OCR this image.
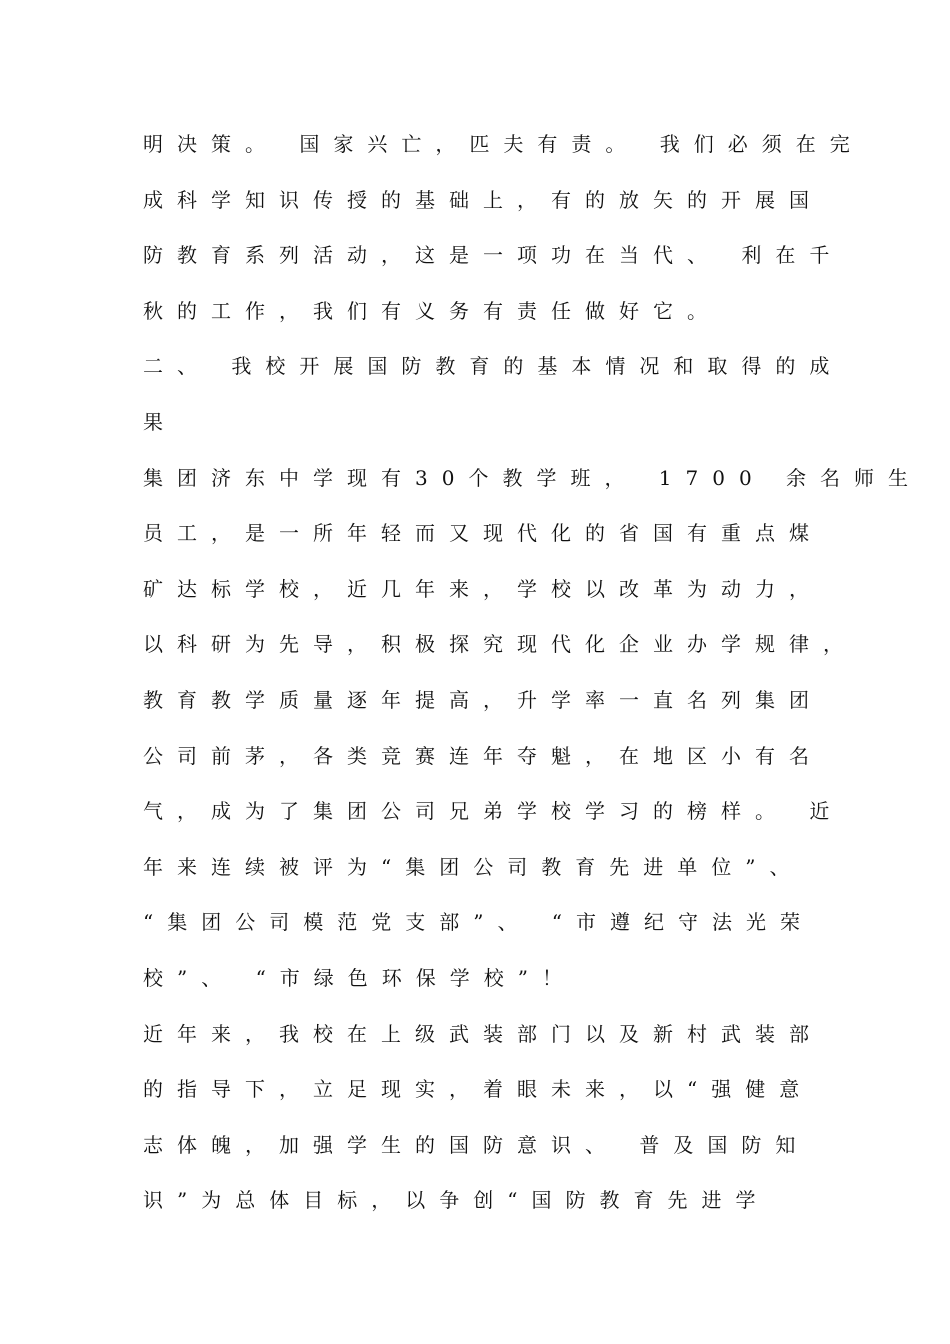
明决策。 国家兴亡，匹夫有责。 我们必须在完

成科学知识传授的基础上，有的放矢的开展国

防教育系列活动，这是一项功在当代、 利在千

秋的工作，我们有义务有责任做好它。

二、 我校开展国防教育的基本情况和取得的成

果

集团济东中学现有30个教学班， 1700 余名师生

员工，是一所年轻而又现代化的省国有重点煤

矿达标学校，近几年来，学校以改革为动力，

以科研为先导，积极探究现代化企业办学规律，

教育教学质量逐年提高，升学率一直名列集团

公司前茅，各类竞赛连年夺魁，在地区小有名

气，成为了集团公司兄弟学校学习的榜样。 近

年来连续被评为“集团公司教育先进单位”、

“集团公司模范党支部”、 “市遵纪守法光荣

校”、 “市绿色环保学校”！

近年来，我校在上级武装部门以及新村武装部

的指导下，立足现实，着眼未来，以“强健意

志体魄，加强学生的国防意识、 普及国防知

识”为总体目标，以争创“国防教育先进学
